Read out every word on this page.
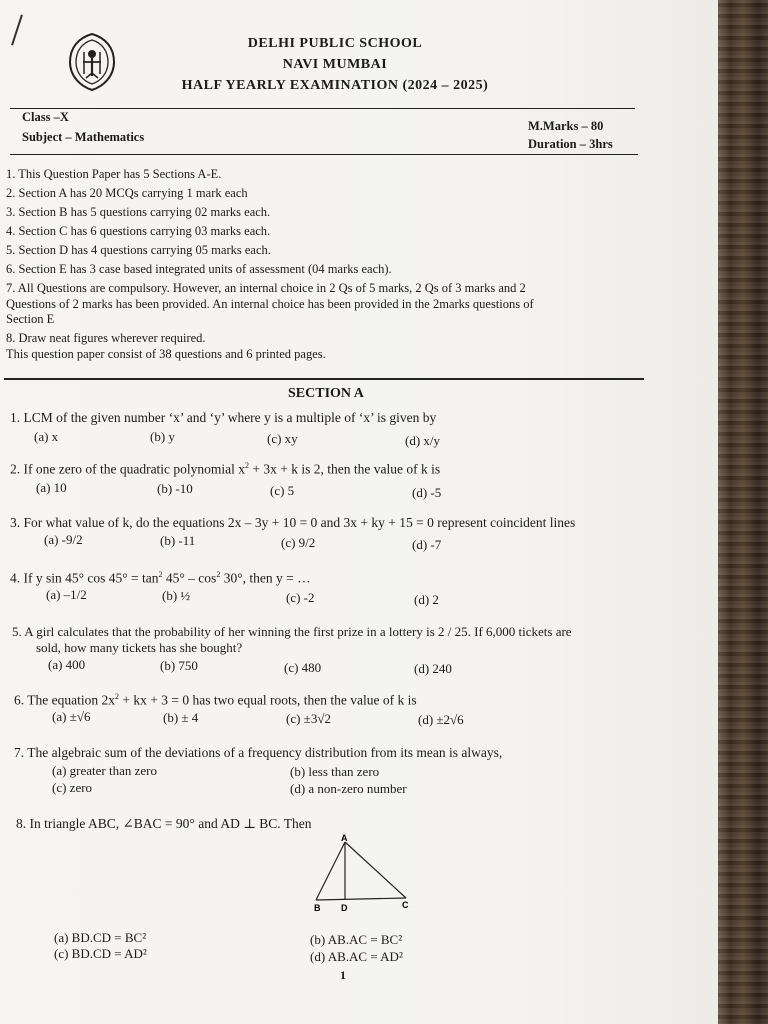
DELHI PUBLIC SCHOOL
NAVI MUMBAI
HALF YEARLY EXAMINATION (2024 – 2025)
Class –X
Subject – Mathematics
M.Marks – 80
Duration – 3hrs
1. This Question Paper has 5 Sections A-E.
2. Section A has 20 MCQs carrying 1 mark each
3. Section B has 5 questions carrying 02 marks each.
4. Section C has 6 questions carrying 03 marks each.
5. Section D has 4 questions carrying 05 marks each.
6. Section E has 3 case based integrated units of assessment (04 marks each).
7. All Questions are compulsory. However, an internal choice in 2 Qs of 5 marks, 2 Qs of 3 marks and 2
Questions of 2 marks has been provided. An internal choice has been provided in the 2marks questions of
Section E
8. Draw neat figures wherever required.
This question paper consist of 38 questions and 6 printed pages.
SECTION A
1. LCM of the given number ‘x’ and ‘y’ where y is a multiple of ‘x’ is given by
(a) x	(b) y	(c) xy	(d) x/y
2. If one zero of the quadratic polynomial $x^2 + 3x + k$ is 2, then the value of k is
(a) 10	(b) -10	(c) 5	(d) -5
3. For what value of k, do the equations 2x – 3y + 10 = 0 and 3x + ky + 15 = 0 represent coincident lines
(a) -9/2	(b) -11	(c) 9/2	(d) -7
4. If y sin 45° $\cos 45^\circ = \tan^2 45^\circ - \cos^2 30^\circ$, then y = …
(a) –1/2	(b) ½	(c) -2	(d) 2
5. A girl calculates that the probability of her winning the first prize in a lottery is 2 / 25. If 6,000 tickets are
sold, how many tickets has she bought?
(a) 400	(b) 750	(c) 480	(d) 240
6. The equation $2x^2$ + kx + 3 = 0 has two equal roots, then the value of k is
(a) ±√6	(b) ± 4	(c) ±3√2	(d) ±2√6
7. The algebraic sum of the deviations of a frequency distribution from its mean is always,
(a) greater than zero	(b) less than zero
(c) zero	(d) a non-zero number
8. In triangle ABC, ∠BAC = 90° and AD ⊥ BC. Then
A
B D	C
(a) BD.CD = BC²	(b) AB.AC = BC²
(c) BD.CD = AD²	(d) AB.AC = AD²
1
